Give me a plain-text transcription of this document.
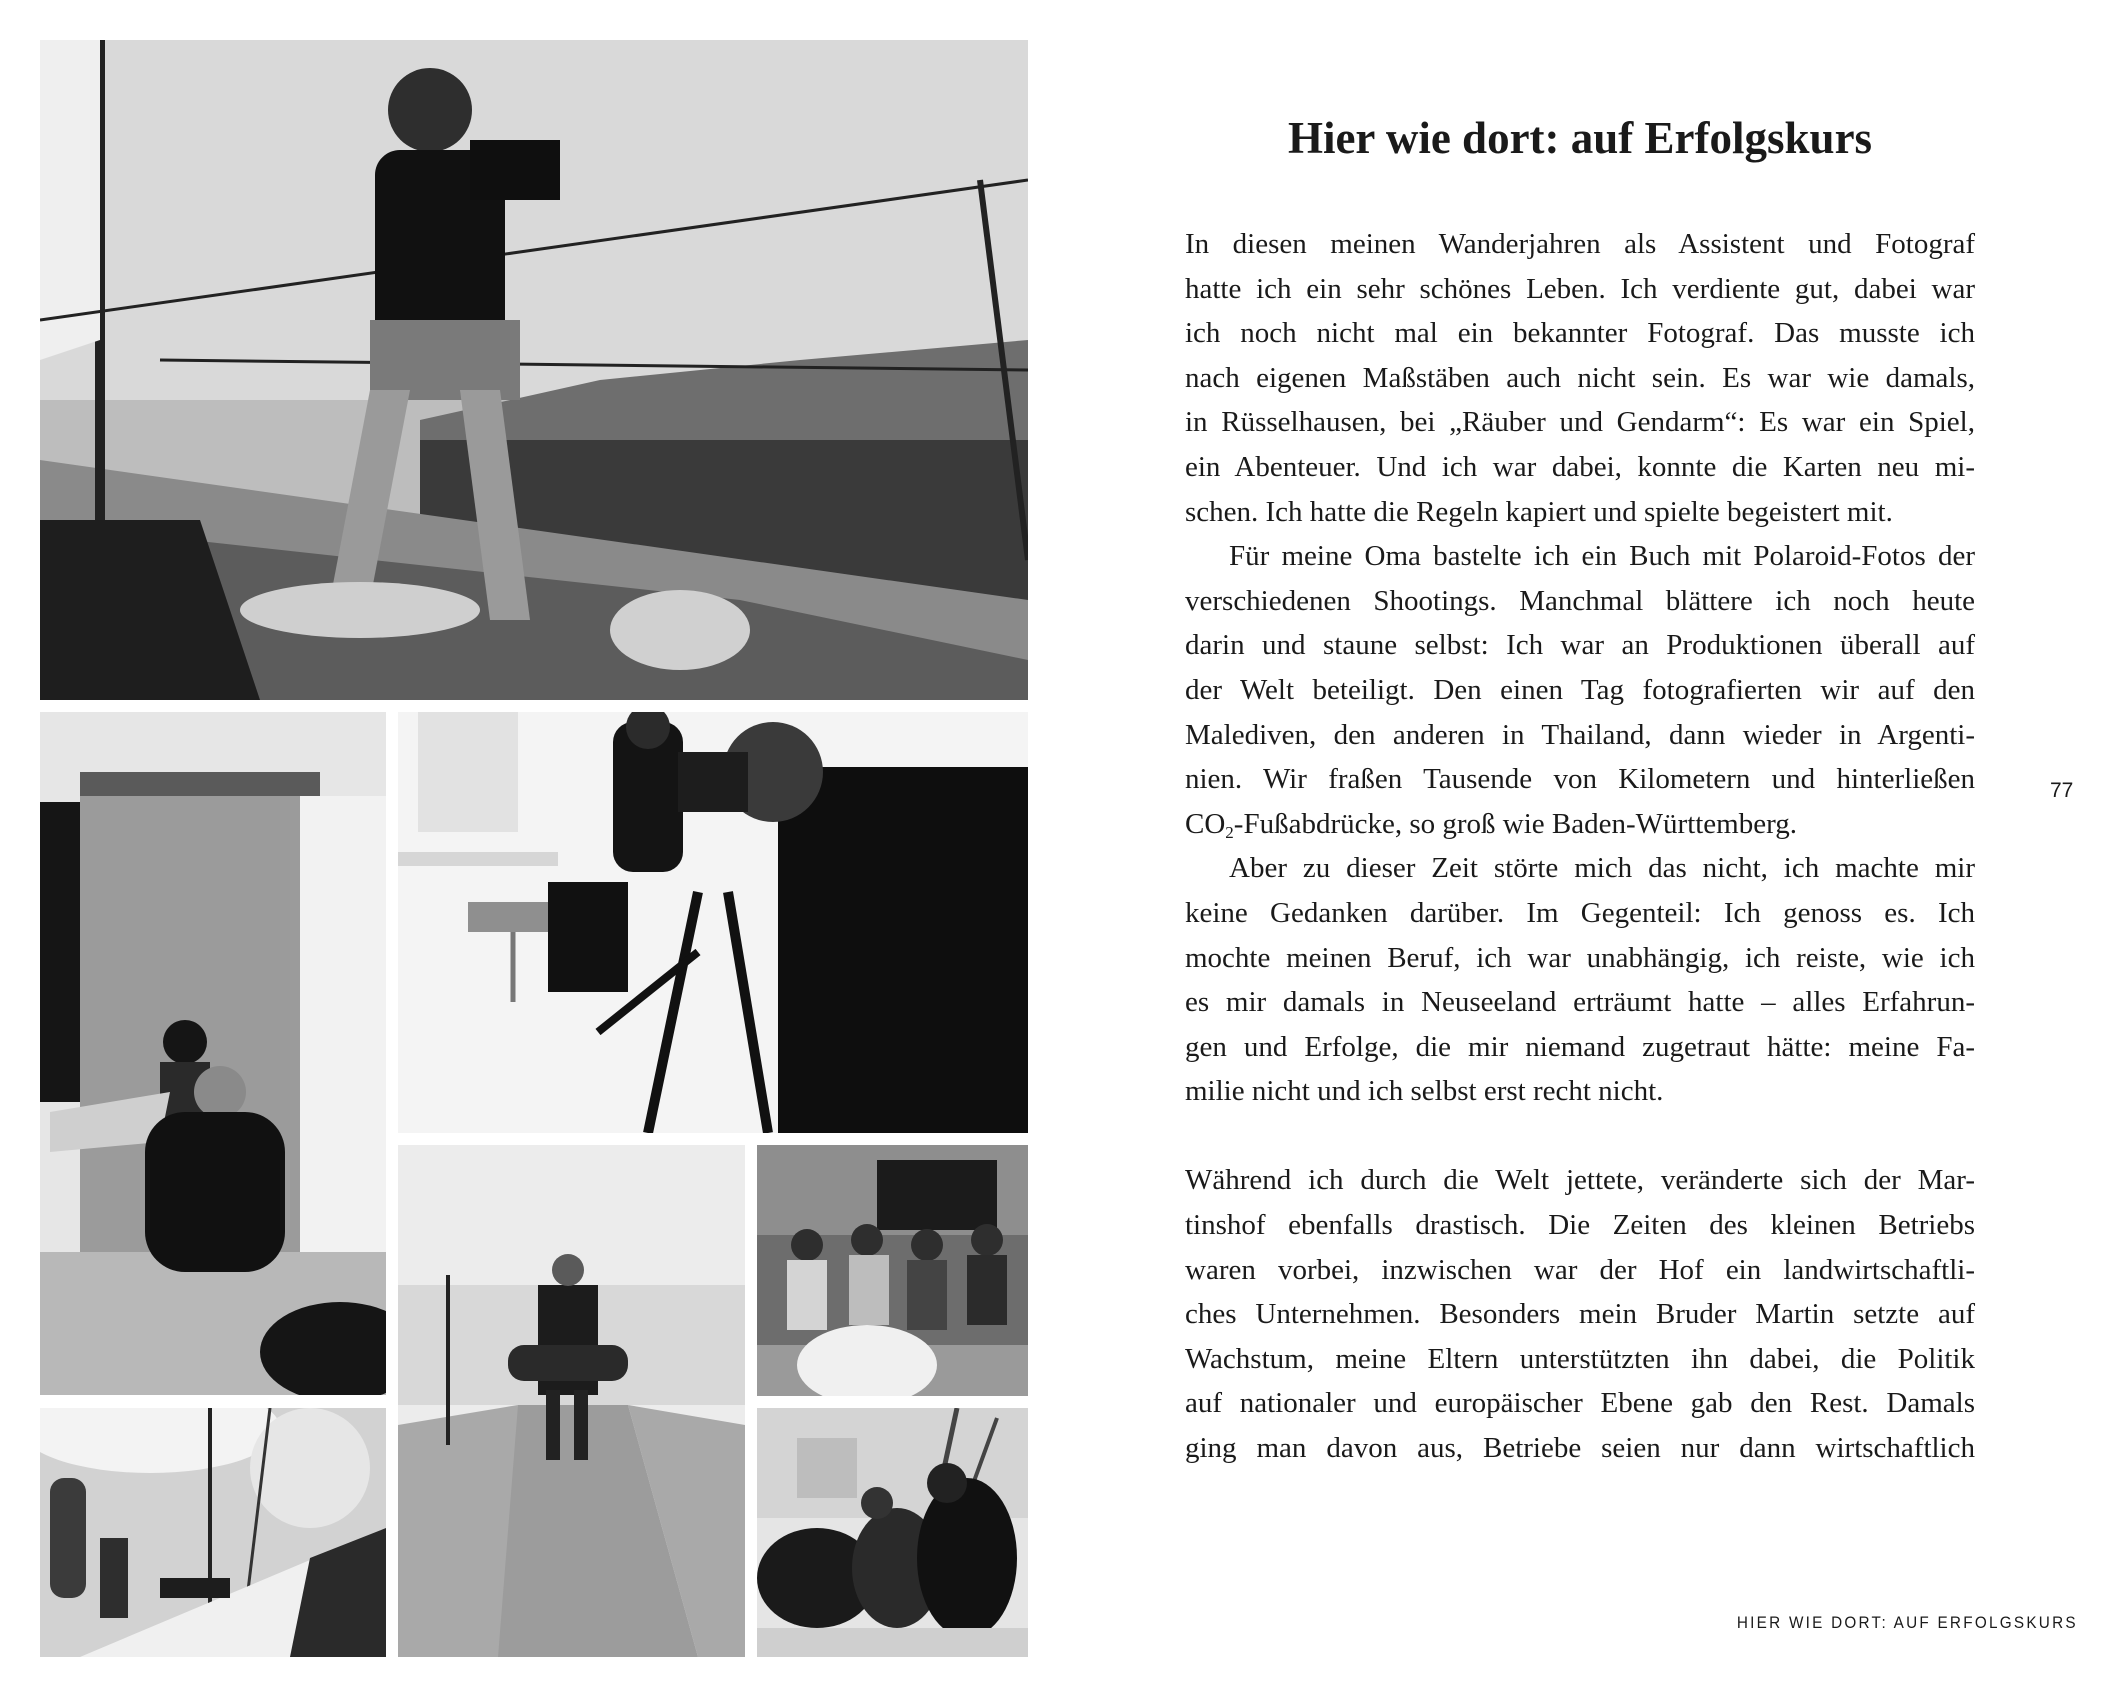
Hier wie dort: auf Erfolgskurs
In diesen meinen Wanderjahren als Assistent und Fotograf
hatte ich ein sehr schönes Leben. Ich verdiente gut, dabei war
ich noch nicht mal ein bekannter Fotograf. Das musste ich
nach eigenen Maßstäben auch nicht sein. Es war wie damals,
in Rüsselhausen, bei „Räuber und Gendarm“: Es war ein Spiel,
ein Abenteuer. Und ich war dabei, konnte die Karten neu mi-
schen. Ich hatte die Regeln kapiert und spielte begeistert mit.
Für meine Oma bastelte ich ein Buch mit Polaroid-Fotos der
verschiedenen Shootings. Manchmal blättere ich noch heute
darin und staune selbst: Ich war an Produktionen überall auf
der Welt beteiligt. Den einen Tag fotografierten wir auf den
Malediven, den anderen in Thailand, dann wieder in Argenti-
nien. Wir fraßen Tausende von Kilometern und hinterließen
$CO_2$-Fußabdrücke, so groß wie Baden-Württemberg.
Aber zu dieser Zeit störte mich das nicht, ich machte mir
keine Gedanken darüber. Im Gegenteil: Ich genoss es. Ich
mochte meinen Beruf, ich war unabhängig, ich reiste, wie ich
es mir damals in Neuseeland erträumt hatte – alles Erfahrun-
gen und Erfolge, die mir niemand zugetraut hätte: meine Fa-
milie nicht und ich selbst erst recht nicht.
Während ich durch die Welt jettete, veränderte sich der Mar-
tinshof ebenfalls drastisch. Die Zeiten des kleinen Betriebs
waren vorbei, inzwischen war der Hof ein landwirtschaftli-
ches Unternehmen. Besonders mein Bruder Martin setzte auf
Wachstum, meine Eltern unterstützten ihn dabei, die Politik
auf nationaler und europäischer Ebene gab den Rest. Damals
ging man davon aus, Betriebe seien nur dann wirtschaftlich
77
HIER WIE DORT: AUF ERFOLGSKURS
